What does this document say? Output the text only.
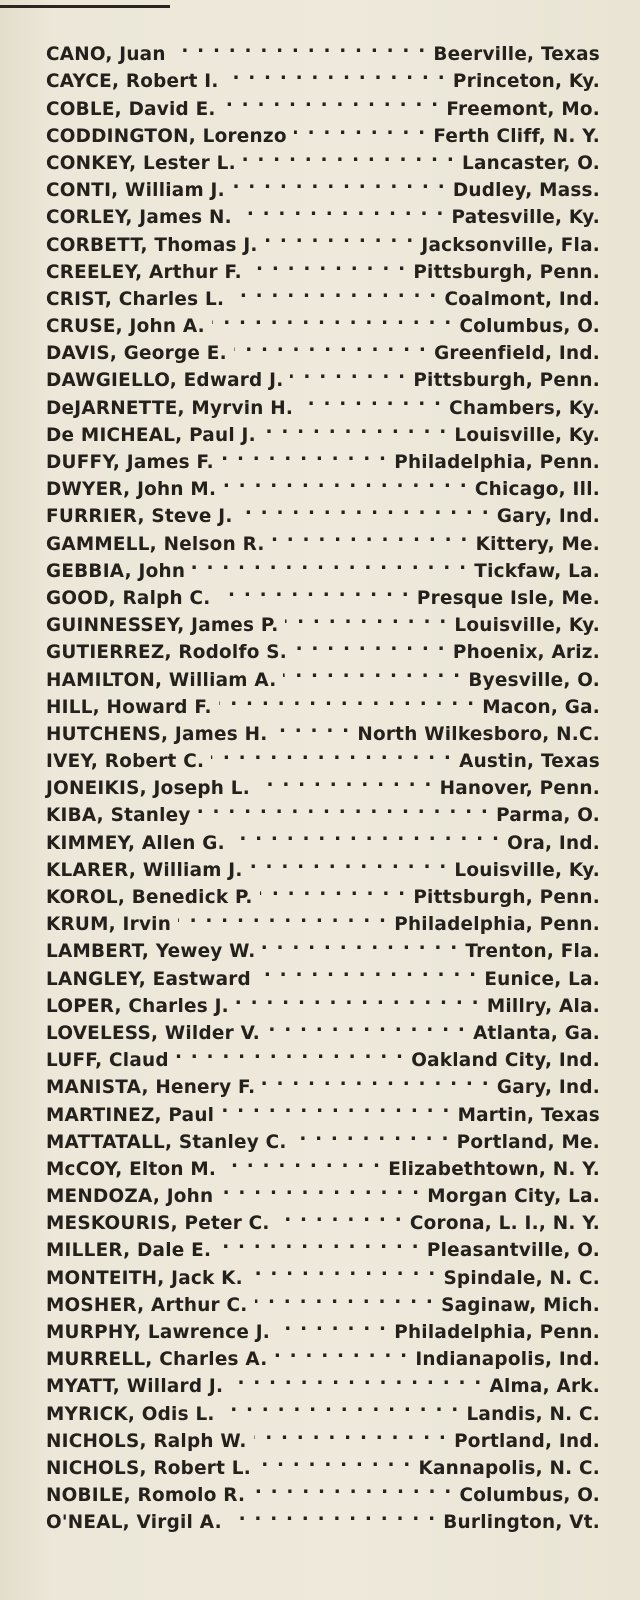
CANO, Juan . . .	Beerville, Texas
CAYCE, Robert I. . . .	Princeton, Ky.
COBLE, David E. . . .	Freemont, Mo.
CODDINGTON, Lorenzo . . .	Ferth Cliff, N. Y.
CONKEY, Lester L. . . .	Lancaster, O.
CONTI, William J. . . .	Dudley, Mass.
CORLEY, James N. . . .	Patesville, Ky.
CORBETT, Thomas J. . . .	Jacksonville, Fla.
CREELEY, Arthur F. . . .	Pittsburgh, Penn.
CRIST, Charles L. . . .	Coalmont, Ind.
CRUSE, John A. . . .	Columbus, O.
DAVIS, George E. . . .	Greenfield, Ind.
DAWGIELLO, Edward J. . . .	Pittsburgh, Penn.
DeJARNETTE, Myrvin H. . . .	Chambers, Ky.
De MICHEAL, Paul J. . . .	Louisville, Ky.
DUFFY, James F. . . .	Philadelphia, Penn.
DWYER, John M. . . .	Chicago, Ill.
FURRIER, Steve J. . . .	Gary, Ind.
GAMMELL, Nelson R. . . .	Kittery, Me.
GEBBIA, John . . .	Tickfaw, La.
GOOD, Ralph C. . . .	Presque Isle, Me.
GUINNESSEY, James P. . . .	Louisville, Ky.
GUTIERREZ, Rodolfo S. . . .	Phoenix, Ariz.
HAMILTON, William A. . . .	Byesville, O.
HILL, Howard F. . . .	Macon, Ga.
HUTCHENS, James H. . . .	North Wilkesboro, N.C.
IVEY, Robert C. . . .	Austin, Texas
JONEIKIS, Joseph L. . . .	Hanover, Penn.
KIBA, Stanley . . .	Parma, O.
KIMMEY, Allen G. . . .	Ora, Ind.
KLARER, William J. . . .	Louisville, Ky.
KOROL, Benedick P. . . .	Pittsburgh, Penn.
KRUM, Irvin . . .	Philadelphia, Penn.
LAMBERT, Yewey W. . . .	Trenton, Fla.
LANGLEY, Eastward . . .	Eunice, La.
LOPER, Charles J. . . .	Millry, Ala.
LOVELESS, Wilder V. . . .	Atlanta, Ga.
LUFF, Claud . . .	Oakland City, Ind.
MANISTA, Henery F. . . .	Gary, Ind.
MARTINEZ, Paul . . .	Martin, Texas
MATTATALL, Stanley C. . . .	Portland, Me.
McCOY, Elton M. . . .	Elizabethtown, N. Y.
MENDOZA, John . . .	Morgan City, La.
MESKOURIS, Peter C. . . .	Corona, L. I., N. Y.
MILLER, Dale E. . . .	Pleasantville, O.
MONTEITH, Jack K. . . .	Spindale, N. C.
MOSHER, Arthur C. . . .	Saginaw, Mich.
MURPHY, Lawrence J. . . .	Philadelphia, Penn.
MURRELL, Charles A. . . .	Indianapolis, Ind.
MYATT, Willard J. . . .	Alma, Ark.
MYRICK, Odis L. . . .	Landis, N. C.
NICHOLS, Ralph W. . . .	Portland, Ind.
NICHOLS, Robert L. . . .	Kannapolis, N. C.
NOBILE, Romolo R. . . .	Columbus, O.
O'NEAL, Virgil A. . . .	Burlington, Vt.
